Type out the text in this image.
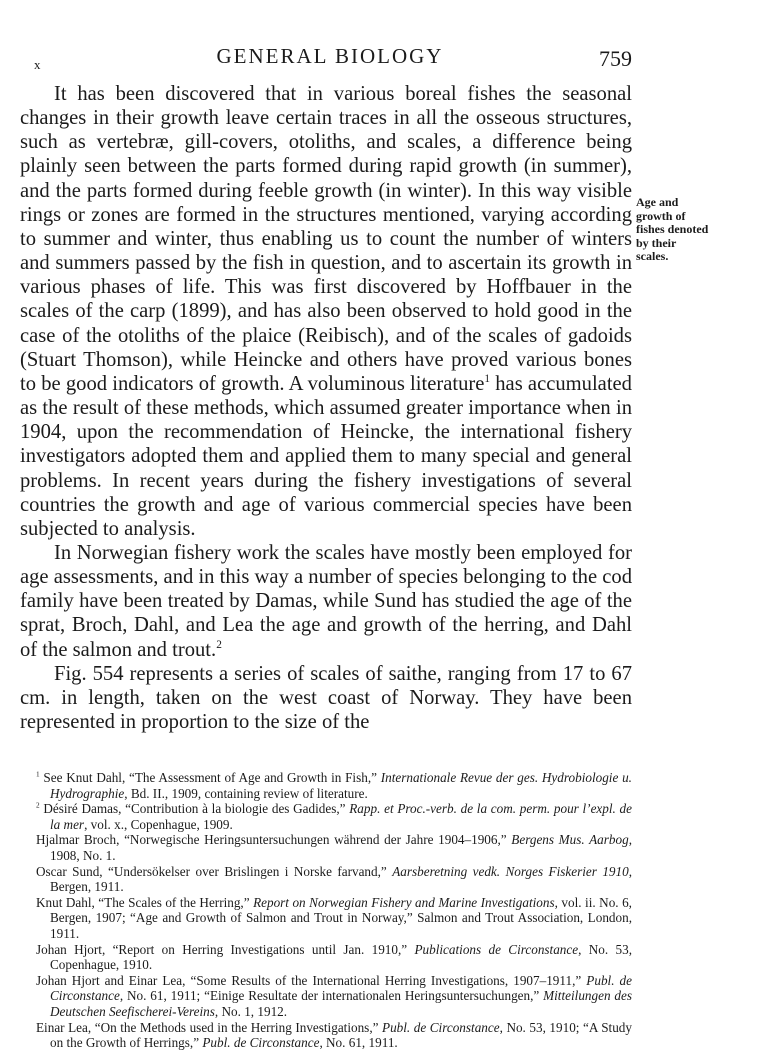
x	GENERAL BIOLOGY	759

It has been discovered that in various boreal fishes the seasonal changes in their growth leave certain traces in all the osseous structures, such as vertebræ, gill-covers, otoliths, and scales, a difference being plainly seen between the parts formed during rapid growth (in summer), and the parts formed during feeble growth (in winter). In this way visible rings or zones are formed in the structures mentioned, varying according to summer and winter, thus enabling us to count the number of winters and summers passed by the fish in question, and to ascertain its growth in various phases of life. This was first discovered by Hoffbauer in the scales of the carp (1899), and has also been observed to hold good in the case of the otoliths of the plaice (Reibisch), and of the scales of gadoids (Stuart Thomson), while Heincke and others have proved various bones to be good indicators of growth. A voluminous literature$^1$ has accumulated as the result of these methods, which assumed greater importance when in 1904, upon the recommendation of Heincke, the international fishery investigators adopted them and applied them to many special and general problems. In recent years during the fishery investigations of several countries the growth and age of various commercial species have been subjected to analysis.

In Norwegian fishery work the scales have mostly been employed for age assessments, and in this way a number of species belonging to the cod family have been treated by Damas, while Sund has studied the age of the sprat, Broch, Dahl, and Lea the age and growth of the herring, and Dahl of the salmon and trout.$^2$

Fig. 554 represents a series of scales of saithe, ranging from 17 to 67 cm. in length, taken on the west coast of Norway. They have been represented in proportion to the size of the

Age and
growth of
fishes denoted
by their
scales.

$^1$ See Knut Dahl, “The Assessment of Age and Growth in Fish,” Internationale Revue der ges. Hydrobiologie u. Hydrographie, Bd. II., 1909, containing review of literature.

$^2$ Désiré Damas, “Contribution à la biologie des Gadides,” Rapp. et Proc.-verb. de la com. perm. pour l’expl. de la mer, vol. x., Copenhague, 1909.

Hjalmar Broch, “Norwegische Heringsuntersuchungen während der Jahre 1904–1906,” Bergens Mus. Aarbog, 1908, No. 1.

Oscar Sund, “Undersökelser over Brislingen i Norske farvand,” Aarsberetning vedk. Norges Fiskerier 1910, Bergen, 1911.

Knut Dahl, “The Scales of the Herring,” Report on Norwegian Fishery and Marine Investigations, vol. ii. No. 6, Bergen, 1907; “Age and Growth of Salmon and Trout in Norway,” Salmon and Trout Association, London, 1911.

Johan Hjort, “Report on Herring Investigations until Jan. 1910,” Publications de Circonstance, No. 53, Copenhague, 1910.

Johan Hjort and Einar Lea, “Some Results of the International Herring Investigations, 1907–1911,” Publ. de Circonstance, No. 61, 1911; “Einige Resultate der internationalen Heringsuntersuchungen,” Mitteilungen des Deutschen Seefischerei-Vereins, No. 1, 1912.

Einar Lea, “On the Methods used in the Herring Investigations,” Publ. de Circonstance, No. 53, 1910; “A Study on the Growth of Herrings,” Publ. de Circonstance, No. 61, 1911.
